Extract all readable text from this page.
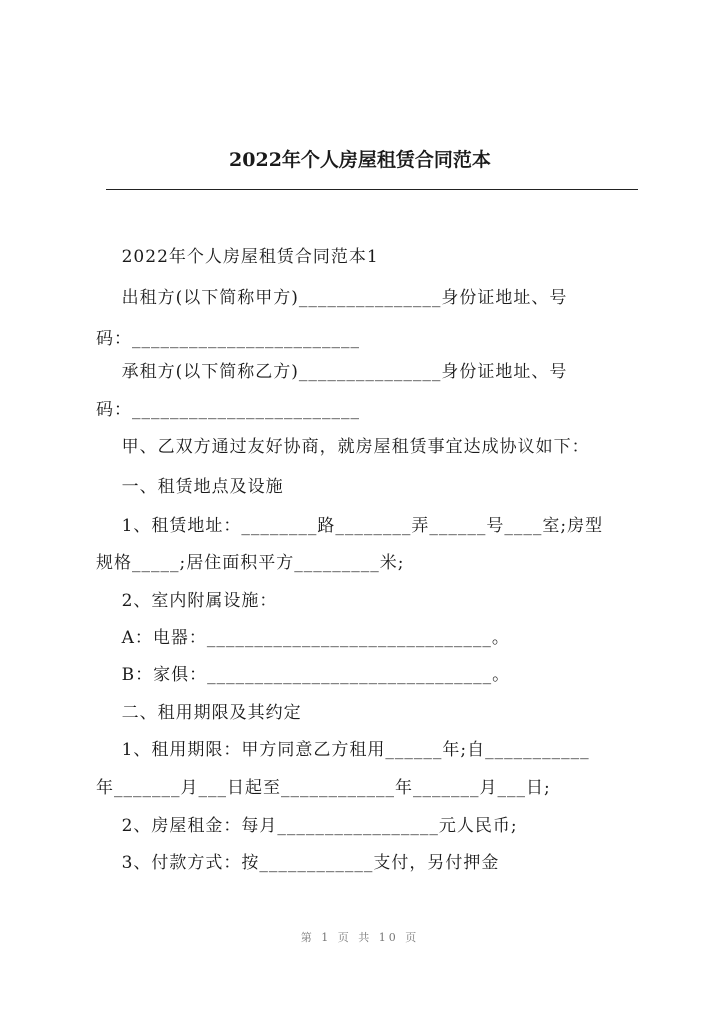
2022年个人房屋租赁合同范本
2022年个人房屋租赁合同范本1
出租方(以下简称甲方)_______________身份证地址、号
码：________________________
承租方(以下简称乙方)_______________身份证地址、号
码：________________________
甲、乙双方通过友好协商，就房屋租赁事宜达成协议如下：
一、租赁地点及设施
1、租赁地址：________路________弄______号____室;房型
规格_____;居住面积平方_________米;
2、室内附属设施：
A：电器：______________________________。
B：家俱：______________________________。
二、租用期限及其约定
1、租用期限：甲方同意乙方租用______年;自___________
年_______月___日起至____________年_______月___日;
2、房屋租金：每月_________________元人民币;
3、付款方式：按____________支付，另付押金
第 1 页 共 10 页
